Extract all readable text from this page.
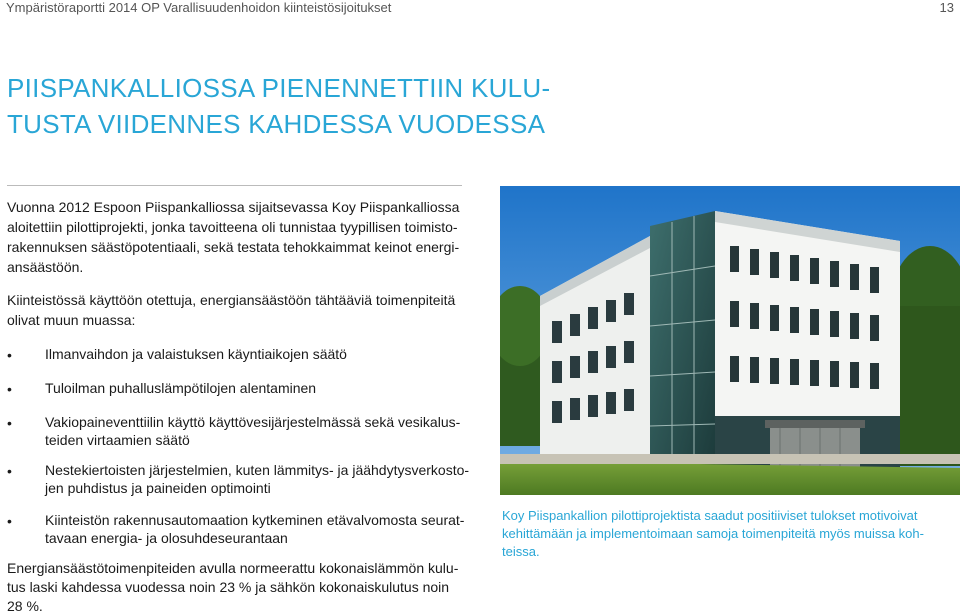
Ympäristöraportti 2014 OP Varallisuudenhoidon kiinteistösijoitukset	13
PIISPANKALLIOSSA PIENENNETTIIN KULU-
TUSTA VIIDENNES KAHDESSA VUODESSA
Vuonna 2012 Espoon Piispankalliossa sijaitsevassa Koy Piispankalliossa
aloitettiin pilottiprojekti, jonka tavoitteena oli tunnistaa tyypillisen toimisto-
rakennuksen säästöpotentiaali, sekä testata tehokkaimmat keinot energi-
ansäästöön.
Kiinteistössä käyttöön otettuja, energiansäästöön tähtääviä toimenpiteitä
olivat muun muassa:
• Ilmanvaihdon ja valaistuksen käyntiaikojen säätö
• Tuloilman puhalluslämpötilojen alentaminen
• Vakiopaineventtiilin käyttö käyttövesijärjestelmässä sekä vesikalus-
teiden virtaamien säätö
• Nestekiertoisten järjestelmien, kuten lämmitys- ja jäähdytysverkosto-
jen puhdistus ja paineiden optimointi
• Kiinteistön rakennusautomaation kytkeminen etävalvomosta seurat-
tavaan energia- ja olosuhdeseurantaan
Energiansäästötoimenpiteiden avulla normeerattu kokonaislämmön kulu-
tus laski kahdessa vuodessa noin 23 % ja sähkön kokonaiskulutus noin
28 %.
Koy Piispankallion pilottiprojektista saadut positiiviset tulokset motivoivat
kehittämään ja implementoimaan samoja toimenpiteitä myös muissa koh-
teissa.
